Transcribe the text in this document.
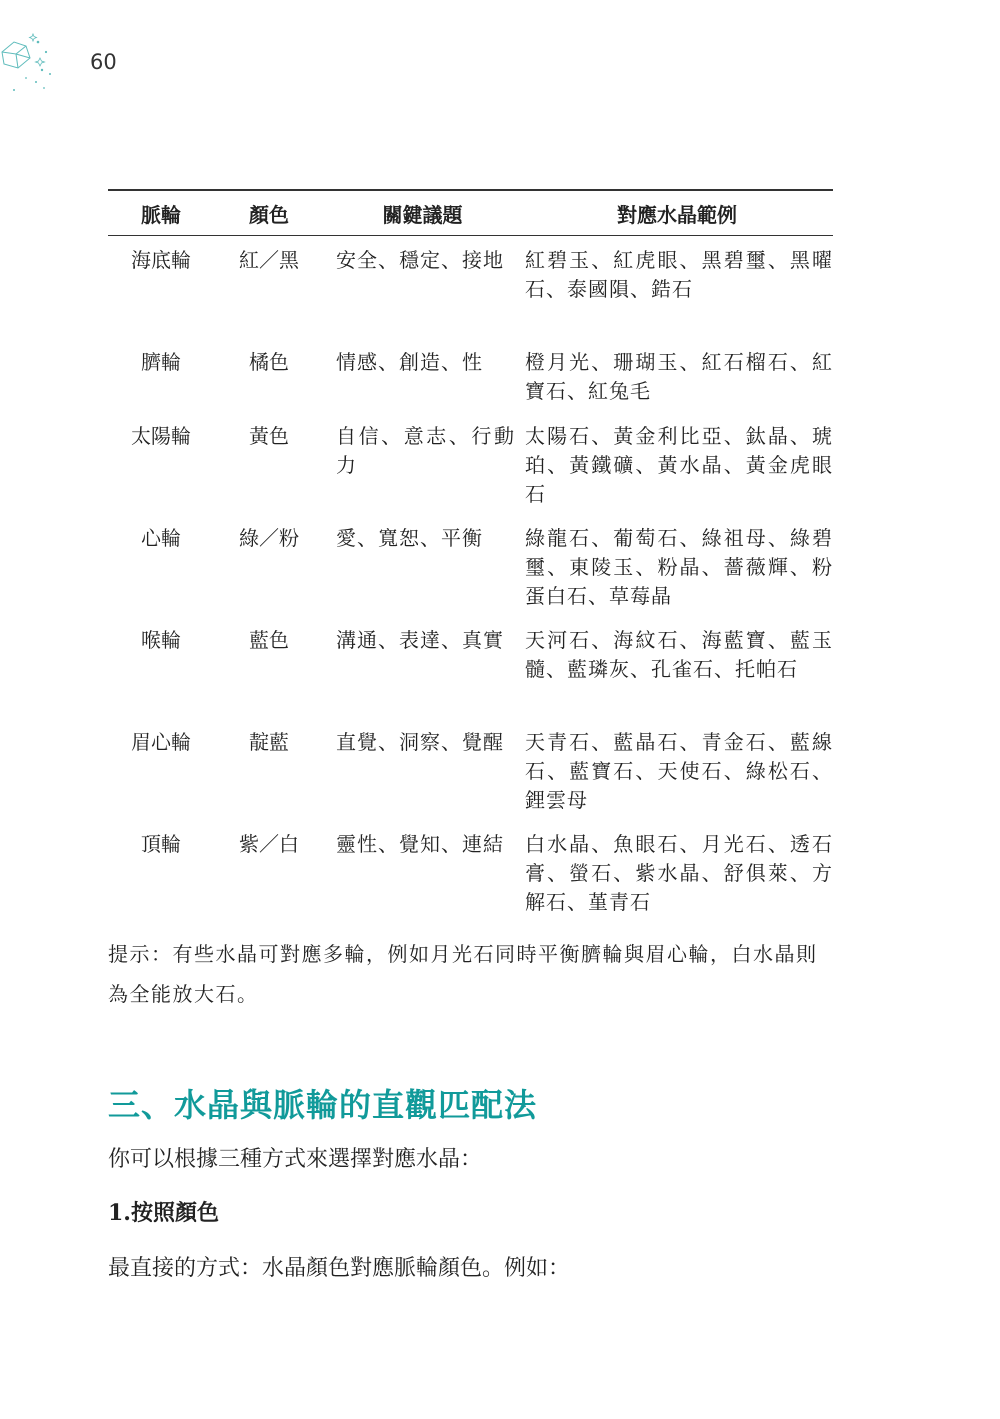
60
脈輪	顏色	關鍵議題	對應水晶範例
海底輪	紅／黑	安全、穩定、接地	紅碧玉、紅虎眼、黑碧璽、黑曜石、泰國隕、鋯石
臍輪	橘色	情感、創造、性	橙月光、珊瑚玉、紅石榴石、紅寶石、紅兔毛
太陽輪	黃色	自信、意志、行動力	太陽石、黃金利比亞、鈦晶、琥珀、黃鐵礦、黃水晶、黃金虎眼石
心輪	綠／粉	愛、寬恕、平衡	綠龍石、葡萄石、綠祖母、綠碧璽、東陵玉、粉晶、薔薇輝、粉蛋白石、草莓晶
喉輪	藍色	溝通、表達、真實	天河石、海紋石、海藍寶、藍玉髓、藍璘灰、孔雀石、托帕石
眉心輪	靛藍	直覺、洞察、覺醒	天青石、藍晶石、青金石、藍線石、藍寶石、天使石、綠松石、鋰雲母
頂輪	紫／白	靈性、覺知、連結	白水晶、魚眼石、月光石、透石膏、螢石、紫水晶、舒俱萊、方解石、堇青石

提示：有些水晶可對應多輪，例如月光石同時平衡臍輪與眉心輪，白水晶則為全能放大石。

三、水晶與脈輪的直觀匹配法

你可以根據三種方式來選擇對應水晶：

1.按照顏色

最直接的方式：水晶顏色對應脈輪顏色。例如：
